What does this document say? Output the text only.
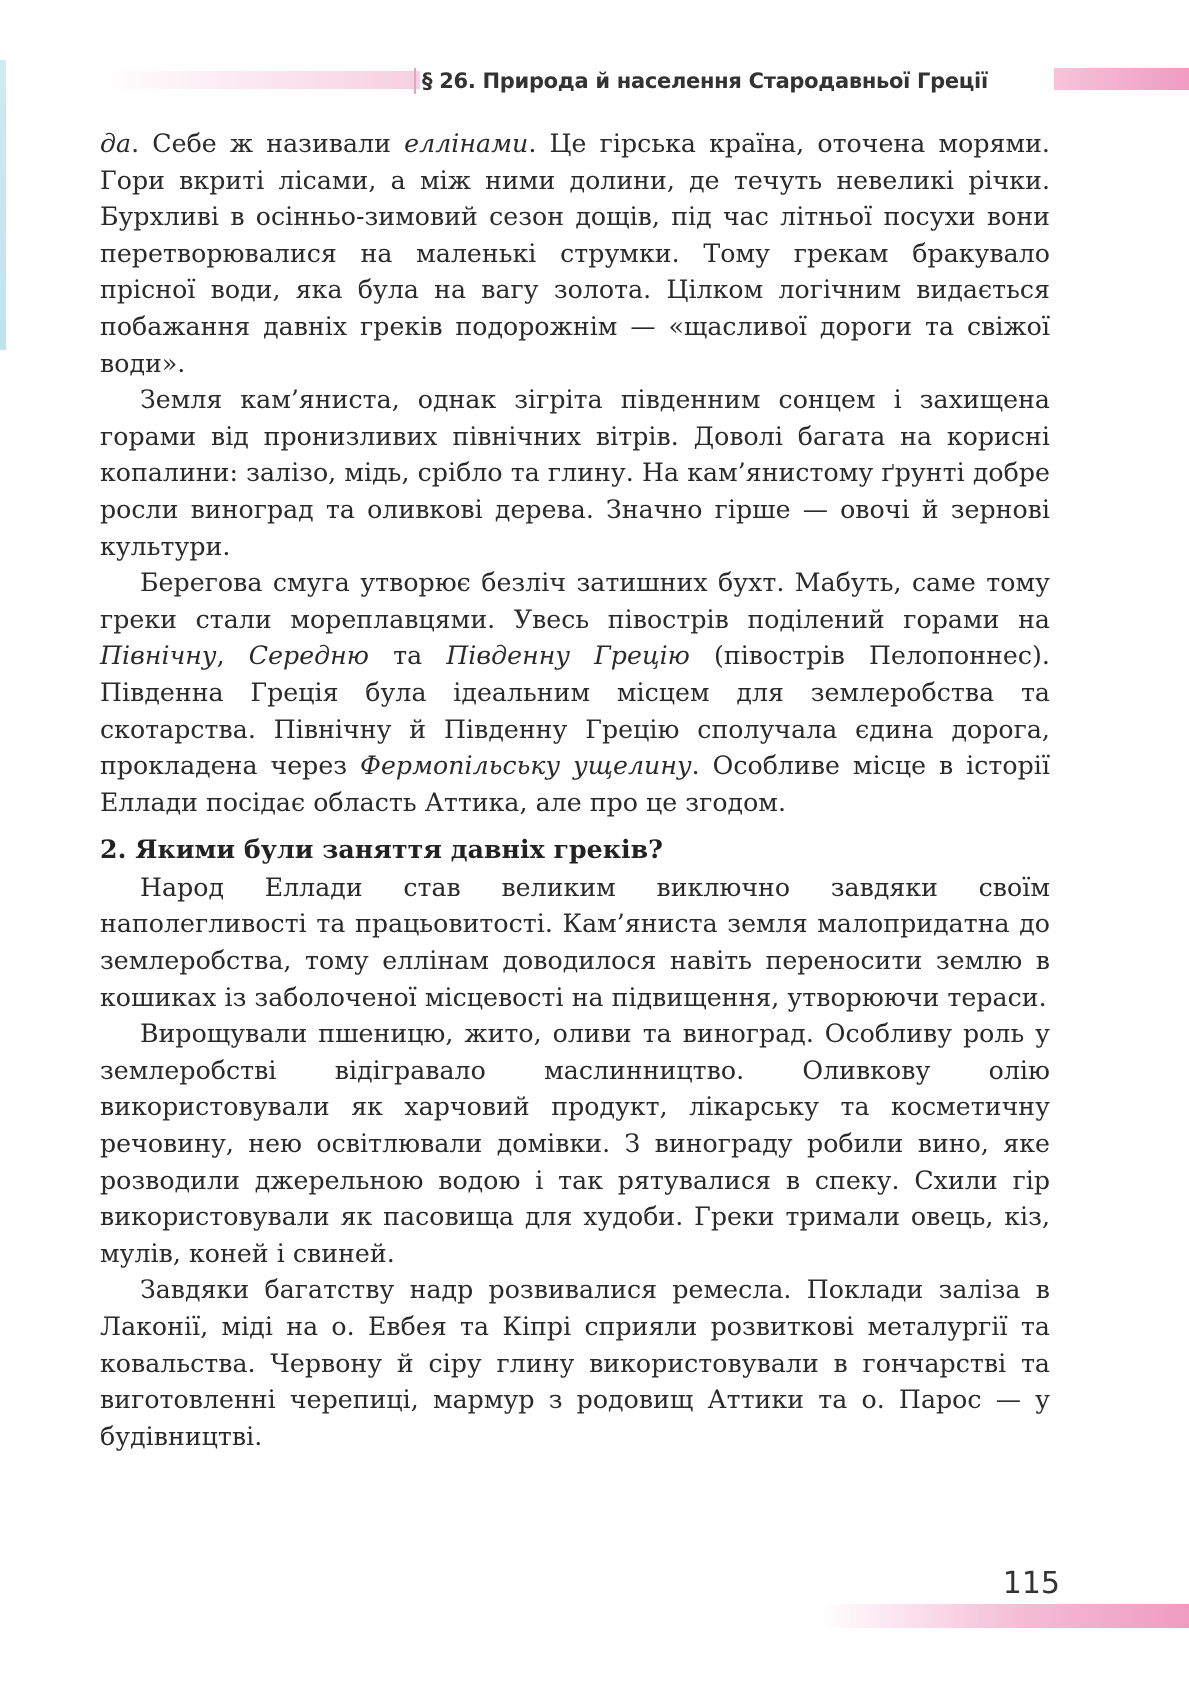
§ 26. Природа й населення Стародавньої Греції

да. Себе ж називали еллінами. Це гірська країна, оточена морями. Гори вкриті лісами, а між ними долини, де течуть невеликі річки. Бурхливі в осінньо-зимовий сезон дощів, під час літньої посухи вони перетворювалися на маленькі струмки. Тому грекам бракувало прісної води, яка була на вагу золота. Цілком логічним видається побажання давніх греків подорожнім — «щасливої дороги та свіжої води».

Земля кам’яниста, однак зігріта південним сонцем і захищена горами від пронизливих північних вітрів. Доволі багата на корисні копалини: залізо, мідь, срібло та глину. На кам’янистому ґрунті добре росли виноград та оливкові дерева. Значно гірше — овочі й зернові культури.

Берегова смуга утворює безліч затишних бухт. Мабуть, саме тому греки стали мореплавцями. Увесь півострів поділений горами на Північну, Середню та Південну Грецію (півострів Пелопоннес). Південна Греція була ідеальним місцем для землеробства та скотарства. Північну й Південну Грецію сполучала єдина дорога, прокладена через Фермопільську ущелину. Особливе місце в історії Еллади посідає область Аттика, але про це згодом.

2. Якими були заняття давніх греків?

Народ Еллади став великим виключно завдяки своїм наполегливості та працьовитості. Кам’яниста земля малопридатна до землеробства, тому еллінам доводилося навіть переносити землю в кошиках із заболоченої місцевості на підвищення, утворюючи тераси.

Вирощували пшеницю, жито, оливи та виноград. Особливу роль у землеробстві відігравало маслинництво. Оливкову олію використовували як харчовий продукт, лікарську та косметичну речовину, нею освітлювали домівки. З винограду робили вино, яке розводили джерельною водою і так рятувалися в спеку. Схили гір використовували як пасовища для худоби. Греки тримали овець, кіз, мулів, коней і свиней.

Завдяки багатству надр розвивалися ремесла. Поклади заліза в Лаконії, міді на о. Евбея та Кіпрі сприяли розвиткові металургії та ковальства. Червону й сіру глину використовували в гончарстві та виготовленні черепиці, мармур з родовищ Аттики та о. Парос — у будівництві.

115
